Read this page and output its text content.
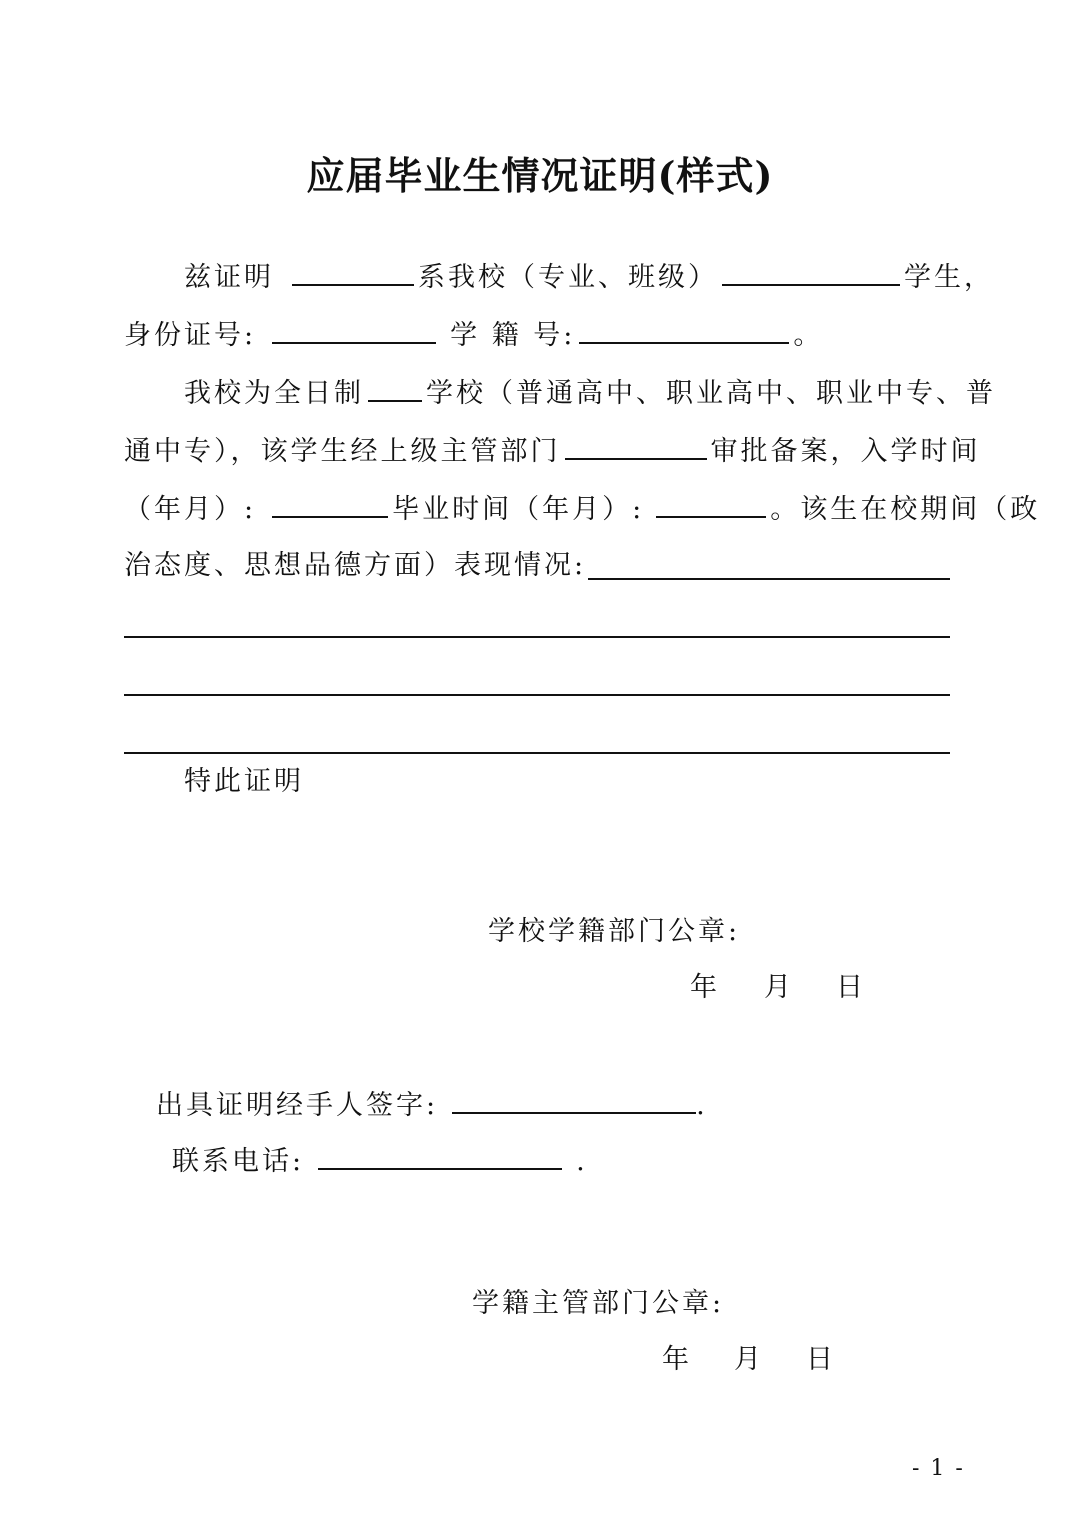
应届毕业生情况证明(样式)
兹证明	系我校（专业、班级）	学生，
身份证号:	学 籍 号:	。
我校为全日制 学校（普通高中、职业高中、职业中专、普
通中专），该学生经上级主管部门	审批备案，入学时间
（年月）:	毕业时间（年月）:	。该生在校期间（政
治态度、思想品德方面）表现情况:
特此证明
学校学籍部门公章:
年 月 日
出具证明经手人签字:	.
联系电话:	.
学籍主管部门公章:
年 月 日
- 1 -
